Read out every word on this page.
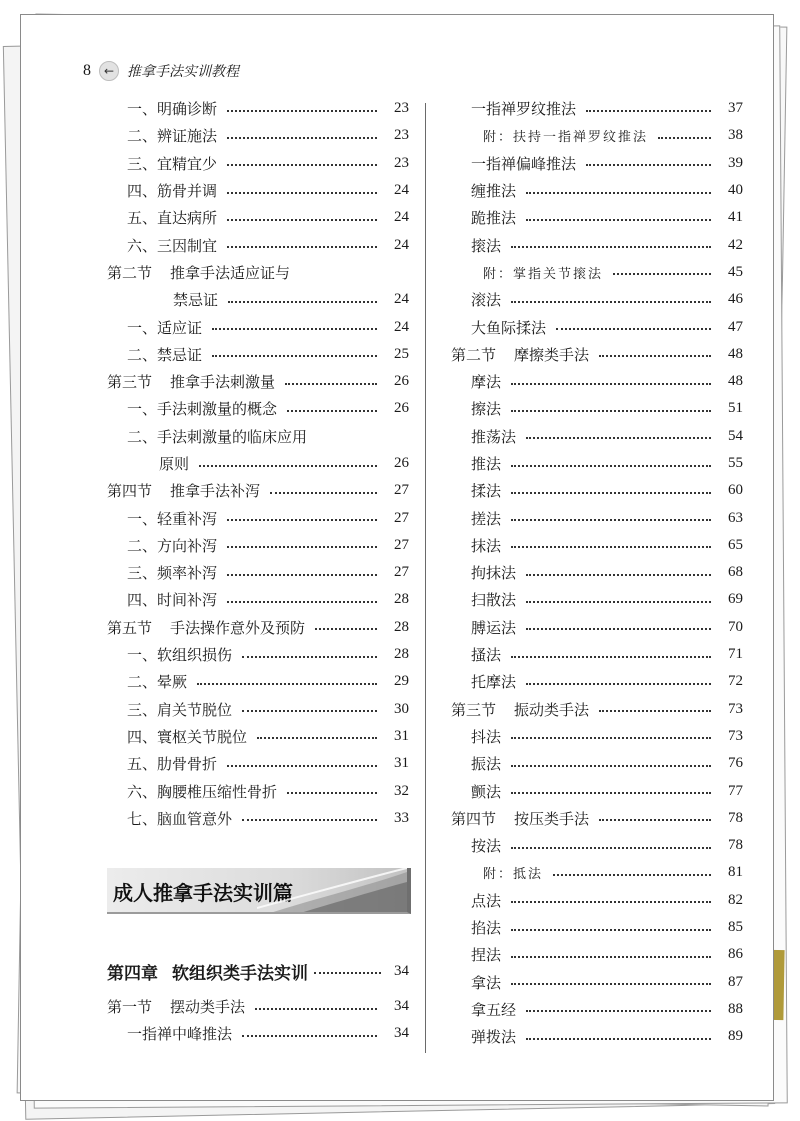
8	← 推拿手法实训教程
一、明确诊断	23
二、辨证施法	23
三、宜精宜少	23
四、筋骨并调	24
五、直达病所	24
六、三因制宜	24
第二节 推拿手法适应证与
禁忌证	24
一、适应证	24
二、禁忌证	25
第三节 推拿手法刺激量	26
一、手法刺激量的概念	26
二、手法刺激量的临床应用
原则	26
第四节 推拿手法补泻	27
一、轻重补泻	27
二、方向补泻	27
三、频率补泻	27
四、时间补泻	28
第五节 手法操作意外及预防	28
一、软组织损伤	28
二、晕厥	29
三、肩关节脱位	30
四、寰枢关节脱位	31
五、肋骨骨折	31
六、胸腰椎压缩性骨折	32
七、脑血管意外	33
成人推拿手法实训篇
第四章 软组织类手法实训	34
第一节 摆动类手法	34
一指禅中峰推法	34
一指禅罗纹推法	37
附：扶持一指禅罗纹推法	38
一指禅偏峰推法	39
缠推法	40
跪推法	41
㨰法	42
附：掌指关节㨰法	45
滚法	46
大鱼际揉法	47
第二节 摩擦类手法	48
摩法	48
擦法	51
推荡法	54
推法	55
揉法	60
搓法	63
抹法	65
拘抹法	68
扫散法	69
膊运法	70
搔法	71
托摩法	72
第三节 振动类手法	73
抖法	73
振法	76
颤法	77
第四节 按压类手法	78
按法	78
附：抵法	81
点法	82
掐法	85
捏法	86
拿法	87
拿五经	88
弹拨法	89
